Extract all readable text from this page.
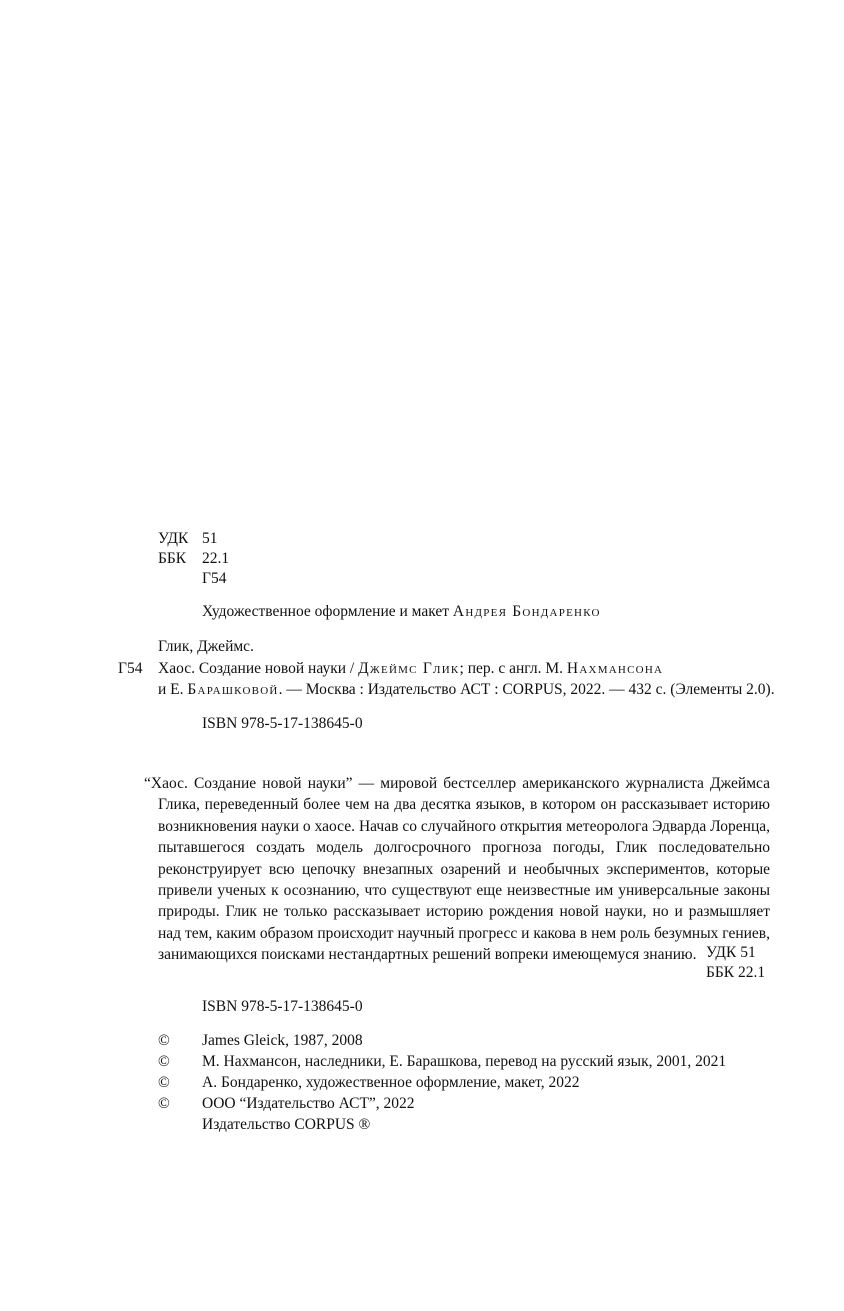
УДК 51
ББК 22.1
Г54
Художественное оформление и макет Андрея Бондаренко
Глик, Джеймс.
Г54 Хаос. Создание новой науки / Джеймс Глик; пер. с англ. М. Нахмансона
и Е. Барашковой. — Москва : Издательство АСТ : CORPUS, 2022. — 432 с. (Элементы 2.0).
ISBN 978-5-17-138645-0
“Хаос. Создание новой науки” — мировой бестселлер американского журналиста Джеймса Глика, переведенный более чем на два десятка языков, в котором он рассказывает историю возникновения науки о хаосе. Начав со случайного открытия метеоролога Эдварда Лоренца, пытавшегося создать модель долгосрочного прогноза погоды, Глик последовательно реконструирует всю цепочку внезапных озарений и необычных экспериментов, которые привели ученых к осознанию, что существуют еще неизвестные им универсальные законы природы. Глик не только рассказывает историю рождения новой науки, но и размышляет над тем, каким образом происходит научный прогресс и какова в нем роль безумных гениев, занимающихся поисками нестандартных решений вопреки имеющемуся знанию. УДК 51
ББК 22.1
ISBN 978-5-17-138645-0
© James Gleick, 1987, 2008
© М. Нахмансон, наследники, Е. Барашкова, перевод на русский язык, 2001, 2021
© А. Бондаренко, художественное оформление, макет, 2022
© ООО “Издательство АСТ”, 2022
Издательство CORPUS ®
